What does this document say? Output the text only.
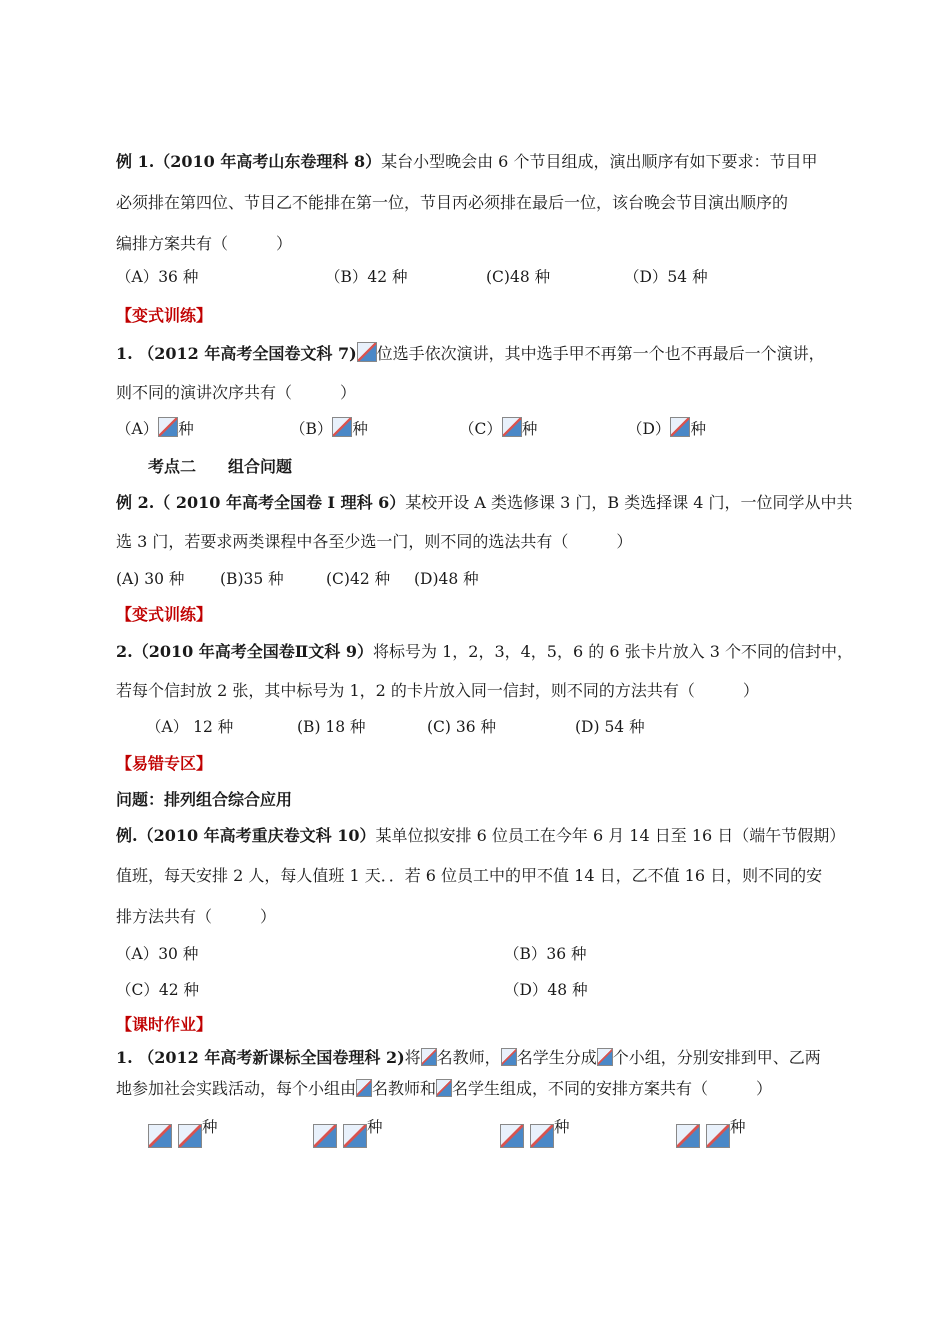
例 1.（2010 年高考山东卷理科 8）某台小型晚会由 6 个节目组成，演出顺序有如下要求：节目甲
必须排在第四位、节目乙不能排在第一位，节目丙必须排在最后一位，该台晚会节目演出顺序的
编排方案共有（　　　）
（A）36 种	（B）42 种	(C)48 种	（D）54 种
【变式训练】
1. （2012 年高考全国卷文科 7) 位选手依次演讲，其中选手甲不再第一个也不再最后一个演讲，
则不同的演讲次序共有（　　　）
（A） 种	（B） 种	（C） 种	（D） 种
考点二　　组合问题
例 2.（ 2010 年高考全国卷 I 理科 6）某校开设 A 类选修课 3 门，B 类选择课 4 门，一位同学从中共
选 3 门，若要求两类课程中各至少选一门，则不同的选法共有（　　　）
(A) 30 种 (B)35 种	(C)42 种 (D)48 种
【变式训练】
2.（2010 年高考全国卷Ⅱ文科 9）将标号为 1，2，3，4，5，6 的 6 张卡片放入 3 个不同的信封中，
若每个信封放 2 张，其中标号为 1，2 的卡片放入同一信封，则不同的方法共有（　　　）
（A） 12 种	(B) 18 种	(C) 36 种	(D) 54 种
【易错专区】
问题：排列组合综合应用
例.（2010 年高考重庆卷文科 10）某单位拟安排 6 位员工在今年 6 月 14 日至 16 日（端午节假期）
值班，每天安排 2 人，每人值班 1 天．．若 6 位员工中的甲不值 14 日，乙不值 16 日，则不同的安
排方法共有（　　　）
（A）30 种	（B）36 种
（C）42 种	（D）48 种
【课时作业】
1. （2012 年高考新课标全国卷理科 2)将 名教师， 名学生分成 个小组，分别安排到甲、乙两
地参加社会实践活动，每个小组由 名教师和 名学生组成，不同的安排方案共有（　　　）
种	种	种	种
